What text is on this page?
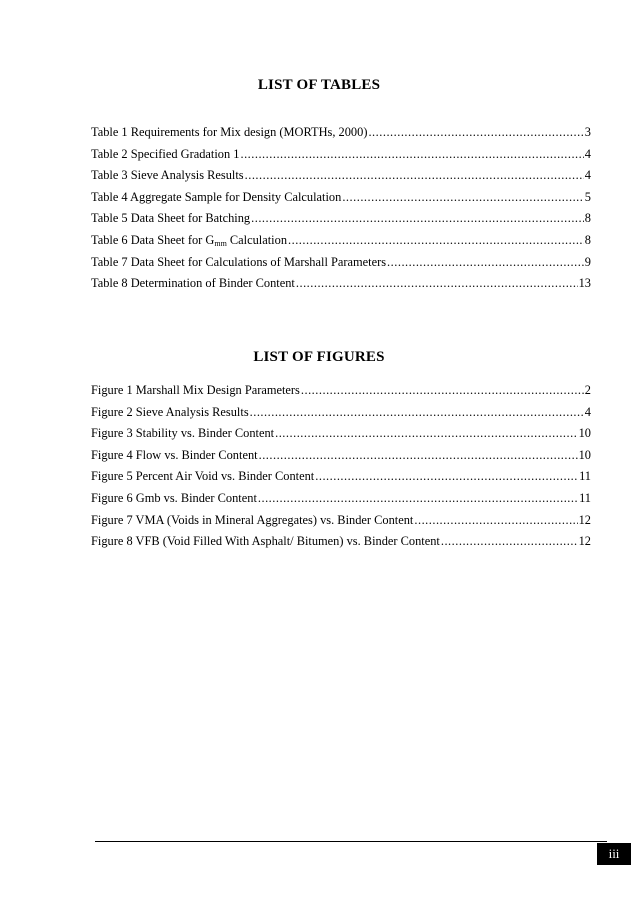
LIST OF TABLES
Table 1 Requirements for Mix design (MORTHs, 2000) .....	3
Table 2 Specified Gradation 1 .....	4
Table 3 Sieve Analysis Results .....	4
Table 4 Aggregate Sample for Density Calculation .....	5
Table 5 Data Sheet for Batching .....	8
Table 6 Data Sheet for $G_{mm}$ Calculation .....	8
Table 7 Data Sheet for Calculations of Marshall Parameters .....	9
Table 8 Determination of Binder Content .....	13
LIST OF FIGURES
Figure 1 Marshall Mix Design Parameters .....	2
Figure 2 Sieve Analysis Results .....	4
Figure 3 Stability vs. Binder Content .....	10
Figure 4 Flow vs. Binder Content .....	10
Figure 5 Percent Air Void vs. Binder Content .....	11
Figure 6 Gmb vs. Binder Content .....	11
Figure 7 VMA (Voids in Mineral Aggregates) vs. Binder Content .....	12
Figure 8 VFB (Void Filled With Asphalt/ Bitumen) vs. Binder Content .....	12
iii
